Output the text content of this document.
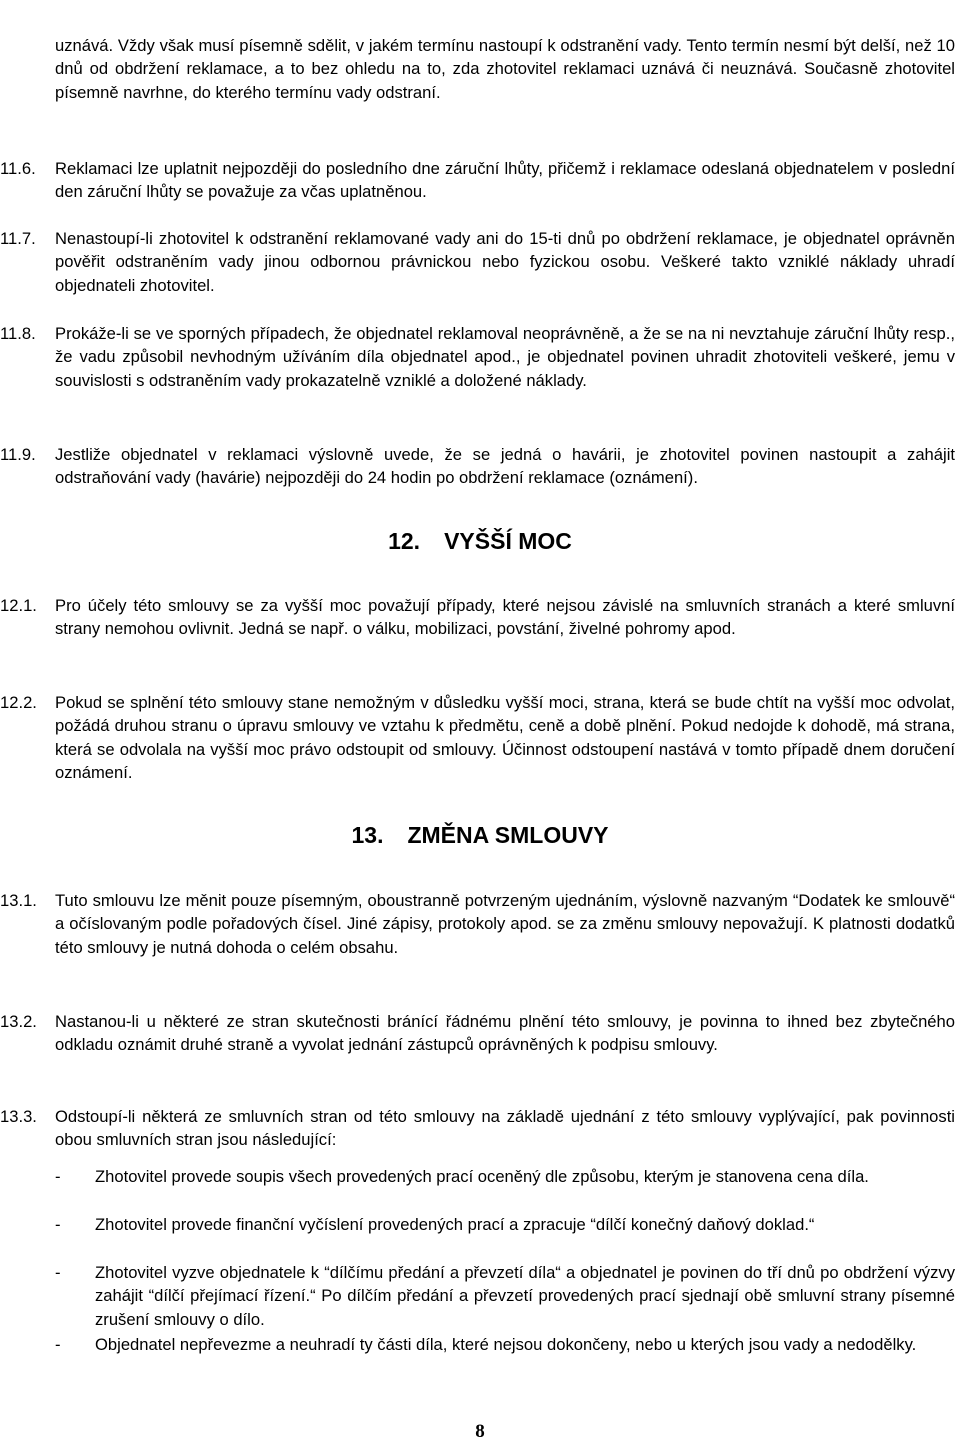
uznává. Vždy však musí písemně sdělit, v jakém termínu nastoupí k odstranění vady. Tento termín nesmí být delší, než 10 dnů od obdržení reklamace, a to bez ohledu na to, zda zhotovitel reklamaci uznává či neuznává. Současně zhotovitel písemně navrhne, do kterého termínu vady odstraní.

11.6.	Reklamaci lze uplatnit nejpozději do posledního dne záruční lhůty, přičemž i reklamace odeslaná objednatelem v poslední den záruční lhůty se považuje za včas uplatněnou.
11.7.	Nenastoupí-li zhotovitel k odstranění reklamované vady ani do 15-ti dnů po obdržení reklamace, je objednatel oprávněn pověřit odstraněním vady jinou odbornou právnickou nebo fyzickou osobu. Veškeré takto vzniklé náklady uhradí objednateli zhotovitel.
11.8.	Prokáže-li se ve sporných případech, že objednatel reklamoval neoprávněně, a že se na ni nevztahuje záruční lhůty resp., že vadu způsobil nevhodným užíváním díla objednatel apod., je objednatel povinen uhradit zhotoviteli veškeré, jemu v souvislosti s odstraněním vady prokazatelně vzniklé a doložené náklady.
11.9.	Jestliže objednatel v reklamaci výslovně uvede, že se jedná o havárii, je zhotovitel povinen nastoupit a zahájit odstraňování vady (havárie) nejpozději do 24 hodin po obdržení reklamace (oznámení).
12. VYŠŠÍ MOC
12.1.	Pro účely této smlouvy se za vyšší moc považují případy, které nejsou závislé na smluvních stranách a které smluvní strany nemohou ovlivnit. Jedná se např. o válku, mobilizaci, povstání, živelné pohromy apod.
12.2.	Pokud se splnění této smlouvy stane nemožným v důsledku vyšší moci, strana, která se bude chtít na vyšší moc odvolat, požádá druhou stranu o úpravu smlouvy ve vztahu k předmětu, ceně a době plnění. Pokud nedojde k dohodě, má strana, která se odvolala na vyšší moc právo odstoupit od smlouvy. Účinnost odstoupení nastává v tomto případě dnem doručení oznámení.
13. ZMĚNA SMLOUVY
13.1.	Tuto smlouvu lze měnit pouze písemným, oboustranně potvrzeným ujednáním, výslovně nazvaným “Dodatek ke smlouvě“ a očíslovaným podle pořadových čísel. Jiné zápisy, protokoly apod. se za změnu smlouvy nepovažují. K platnosti dodatků této smlouvy je nutná dohoda o celém obsahu.
13.2.	Nastanou-li u některé ze stran skutečnosti bránící řádnému plnění této smlouvy, je povinna to ihned bez zbytečného odkladu oznámit druhé straně a vyvolat jednání zástupců oprávněných k podpisu smlouvy.
13.3.	Odstoupí-li některá ze smluvních stran od této smlouvy na základě ujednání z této smlouvy vyplývající, pak povinnosti obou smluvních stran jsou následující:
-	Zhotovitel provede soupis všech provedených prací oceněný dle způsobu, kterým je stanovena cena díla.
-	Zhotovitel provede finanční vyčíslení provedených prací a zpracuje “dílčí konečný daňový doklad.“
-	Zhotovitel vyzve objednatele k “dílčímu předání a převzetí díla“ a objednatel je povinen do tří dnů po obdržení výzvy zahájit “dílčí přejímací řízení.“ Po dílčím předání a převzetí provedených prací sjednají obě smluvní strany písemné zrušení smlouvy o dílo.
-	Objednatel nepřevezme a neuhradí ty části díla, které nejsou dokončeny, nebo u kterých jsou vady a nedodělky.
8
